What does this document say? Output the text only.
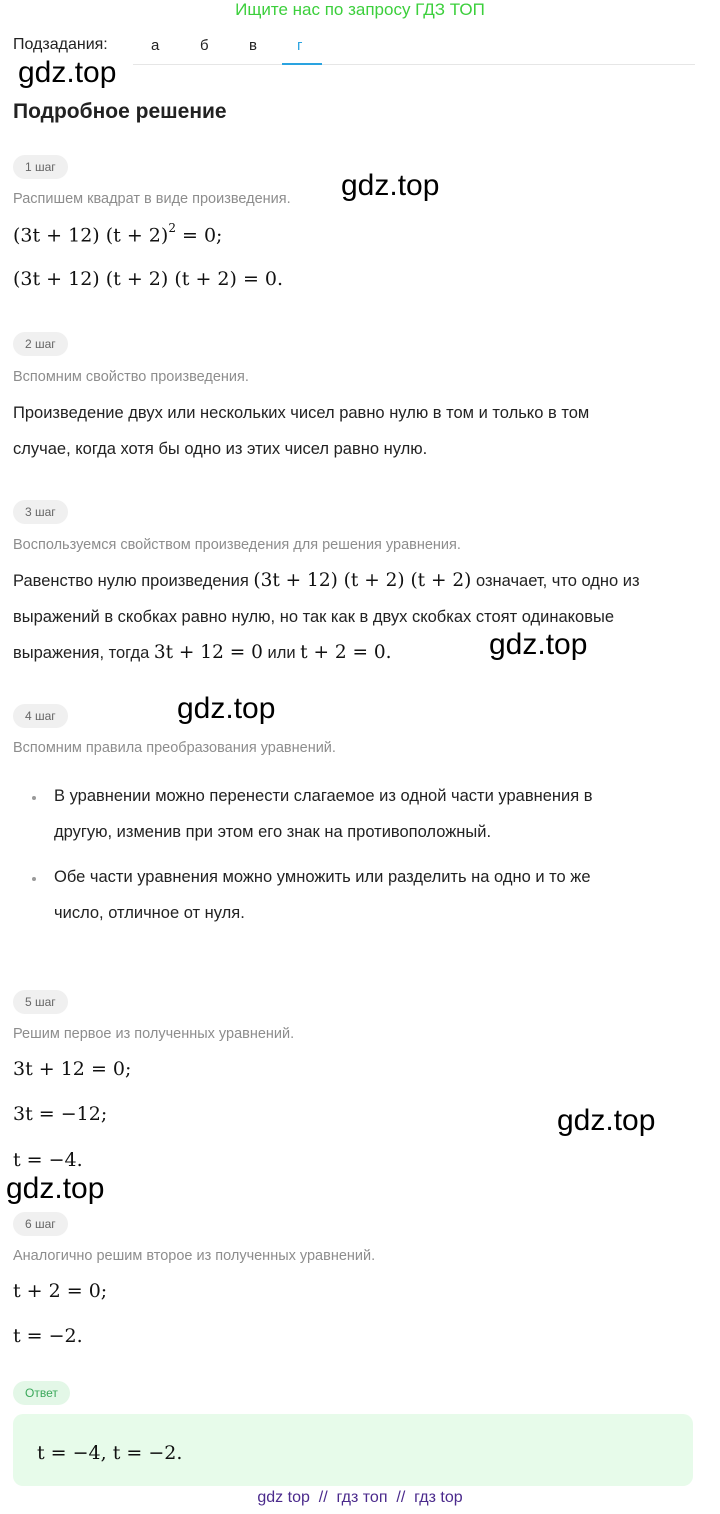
Ищите нас по запросу ГДЗ ТОП
Подзадания:	а	б	в	г
gdz.top
Подробное решение
1 шаг
Распишем квадрат в виде произведения. gdz.top
(3t + 12) $(t + 2)^2 = 0$;
(3t + 12) (t + 2) (t + 2) = 0.
2 шаг
Вспомним свойство произведения.
Произведение двух или нескольких чисел равно нулю в том и только в том
случае, когда хотя бы одно из этих чисел равно нулю.
3 шаг
Воспользуемся свойством произведения для решения уравнения.
Равенство нулю произведения (3t + 12) (t + 2) (t + 2) означает, что одно из
выражений в скобках равно нулю, но так как в двух скобках стоят одинаковые
выражения, тогда 3t + 12 = 0 или t + 2 = 0.	gdz.top
4 шаг	gdz.top
Вспомним правила преобразования уравнений.
В уравнении можно перенести слагаемое из одной части уравнения в
другую, изменив при этом его знак на противоположный.
Обе части уравнения можно умножить или разделить на одно и то же
число, отличное от нуля.
5 шаг
Решим первое из полученных уравнений.
3t + 12 = 0;
3t = −12;	gdz.top
t = −4.
gdz.top
6 шаг
Аналогично решим второе из полученных уравнений.
t + 2 = 0;
t = −2.
Ответ
t = −4, t = −2.
gdz top  //  гдз топ  //  гдз top
